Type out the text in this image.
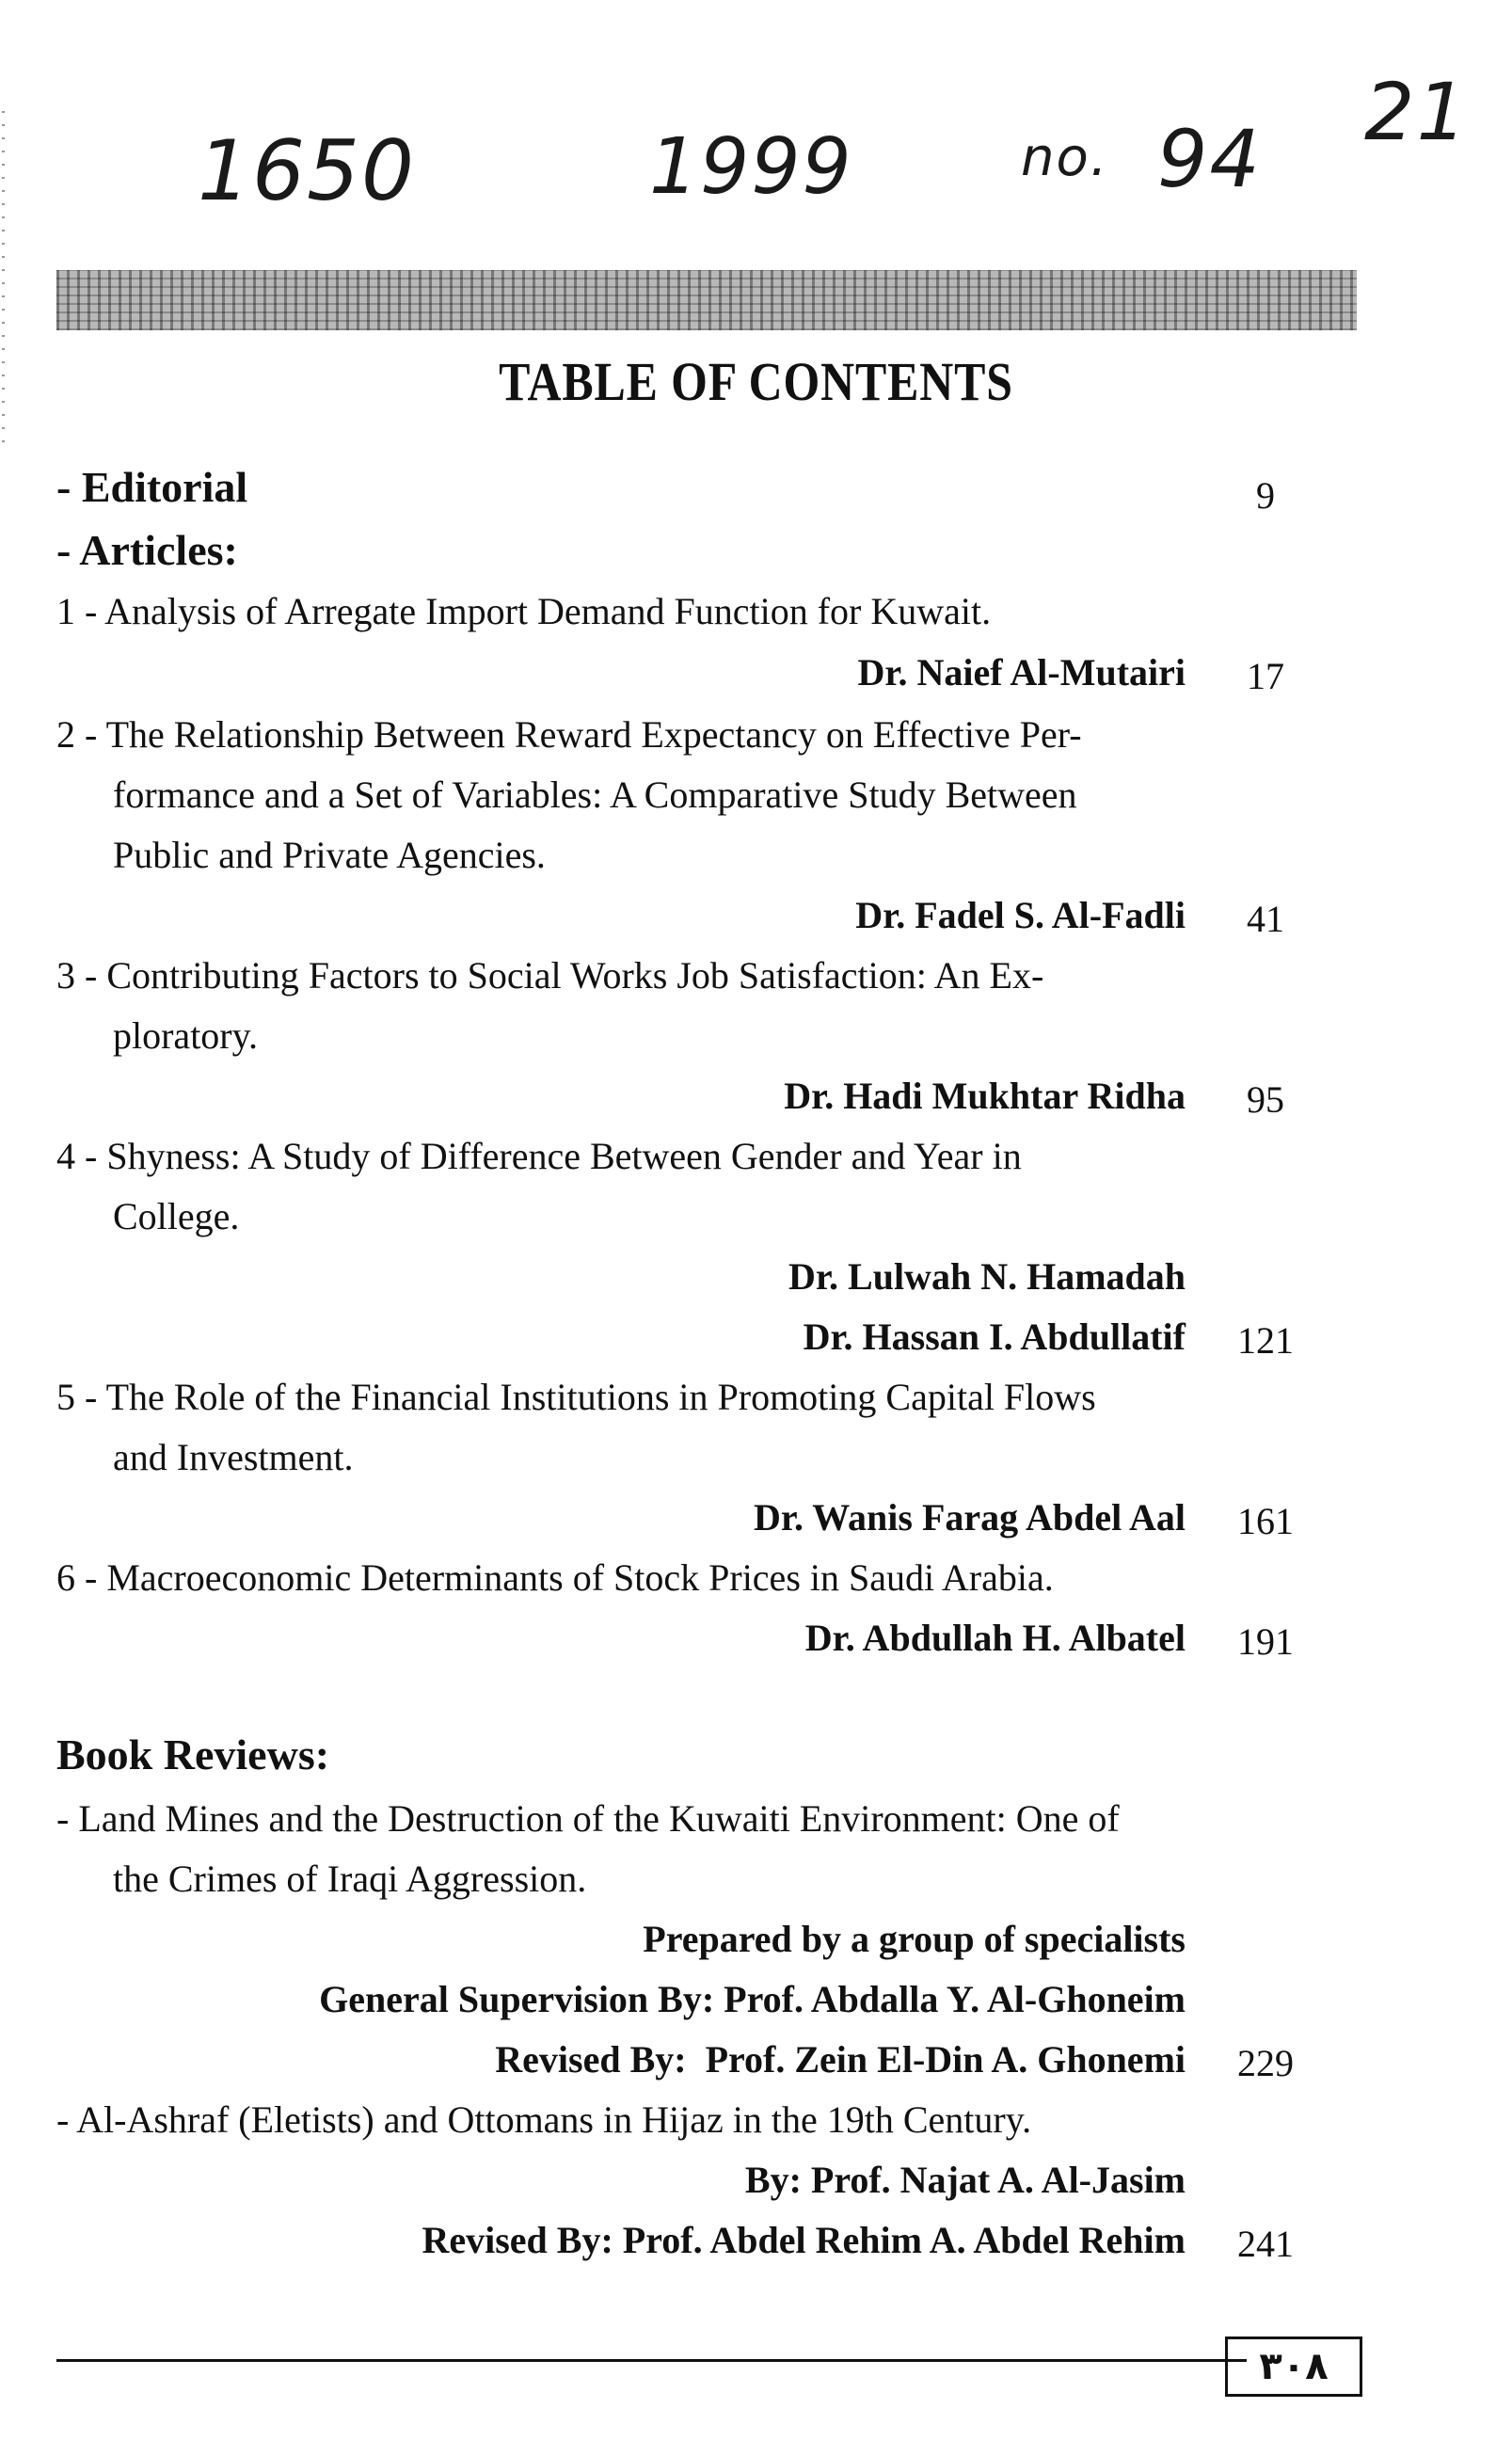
1650	1999	no. 94
21
TABLE OF CONTENTS
- Editorial	9
- Articles:
1 - Analysis of Arregate Import Demand Function for Kuwait.
Dr. Naief Al-Mutairi	17
2 - The Relationship Between Reward Expectancy on Effective Per-
formance and a Set of Variables: A Comparative Study Between
Public and Private Agencies.
Dr. Fadel S. Al-Fadli	41
3 - Contributing Factors to Social Works Job Satisfaction: An Ex-
ploratory.
Dr. Hadi Mukhtar Ridha	95
4 - Shyness: A Study of Difference Between Gender and Year in
College.
Dr. Lulwah N. Hamadah
Dr. Hassan I. Abdullatif	121
5 - The Role of the Financial Institutions in Promoting Capital Flows
and Investment.
Dr. Wanis Farag Abdel Aal	161
6 - Macroeconomic Determinants of Stock Prices in Saudi Arabia.
Dr. Abdullah H. Albatel	191
Book Reviews:
- Land Mines and the Destruction of the Kuwaiti Environment: One of
the Crimes of Iraqi Aggression.
Prepared by a group of specialists
General Supervision By: Prof. Abdalla Y. Al-Ghoneim
Revised By:  Prof. Zein El-Din A. Ghonemi	229
- Al-Ashraf (Eletists) and Ottomans in Hijaz in the 19th Century.
By: Prof. Najat A. Al-Jasim
Revised By: Prof. Abdel Rehim A. Abdel Rehim	241
٣٠٨
